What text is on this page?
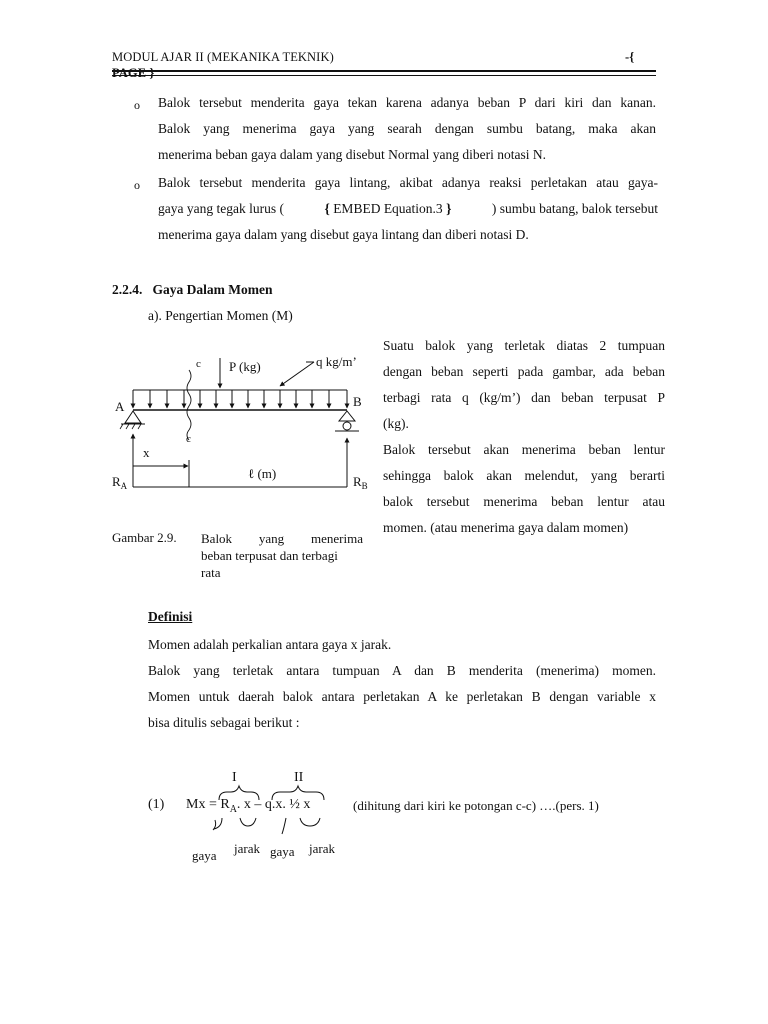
MODUL AJAR II (MEKANIKA TEKNIK)	-{
PAGE }
o Balok tersebut menderita gaya tekan karena adanya beban P dari kiri dan kanan.
Balok yang menerima gaya yang searah dengan sumbu batang, maka akan
menerima beban gaya dalam yang disebut Normal yang diberi notasi N.
o Balok tersebut menderita gaya lintang, akibat adanya reaksi perletakan atau gaya-
gaya yang tegak lurus (	{ EMBED Equation.3 }	) sumbu batang, balok tersebut
menerima gaya dalam yang disebut gaya lintang dan diberi notasi D.
2.2.4. Gaya Dalam Momen
a). Pengertian Momen (M)
Suatu balok yang terletak diatas 2 tumpuan
dengan beban seperti pada gambar, ada beban
terbagi rata q (kg/m’) dan beban terpusat P
(kg).
Balok tersebut akan menerima beban lentur
sehingga balok akan melendut, yang berarti
balok tersebut menerima beban lentur atau
momen. (atau menerima gaya dalam momen)
c
c
P (kg)	q kg/m’
A	B
x
ℓ (m)
$R_A$	$R_B$
Gambar 2.9. Balok yang menerima
beban terpusat dan terbagi
rata
Definisi
Momen adalah perkalian antara gaya x jarak.
Balok yang terletak antara tumpuan A dan B menderita (menerima) momen.
Momen untuk daerah balok antara perletakan A ke perletakan B dengan variable x
bisa ditulis sebagai berikut :
I	II
(1) $Mx = R_A$. x – q.x. ½ x	(dihitung dari kiri ke potongan c-c) ….(pers. 1)
gaya jarak gaya jarak
